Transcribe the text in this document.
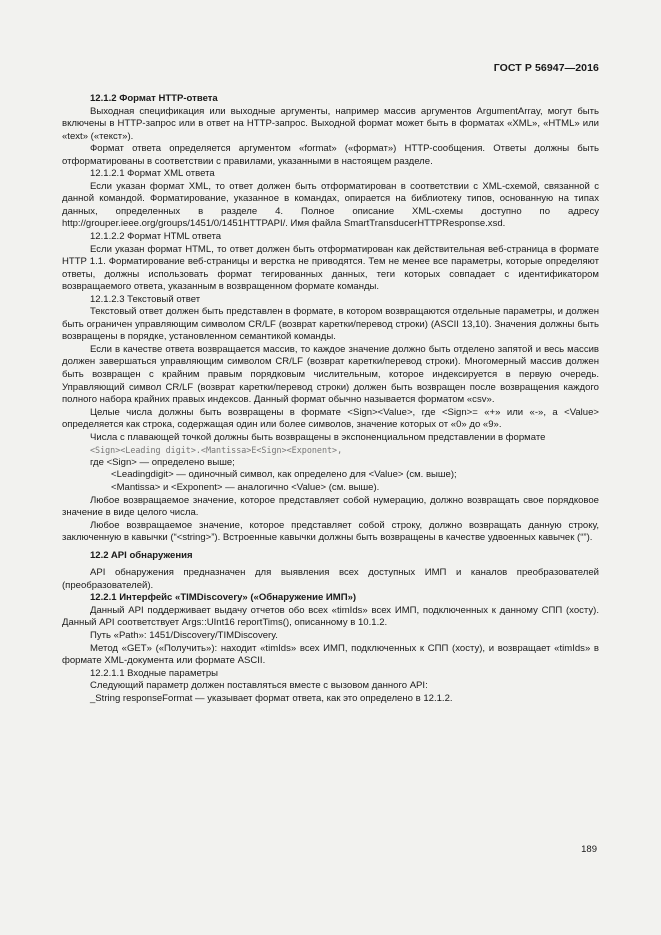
ГОСТ Р 56947—2016

12.1.2 Формат HTTP-ответа

Выходная спецификация или выходные аргументы, например массив аргументов ArgumentArray, могут быть включены в HTTP-запрос или в ответ на HTTP-запрос. Выходной формат может быть в форматах «XML», «HTML» или «text» («текст»).

Формат ответа определяется аргументом «format» («формат») HTTP-сообщения. Ответы должны быть отформатированы в соответствии с правилами, указанными в настоящем разделе.

12.1.2.1 Формат XML ответа

Если указан формат XML, то ответ должен быть отформатирован в соответствии с XML-схемой, связанной с данной командой. Форматирование, указанное в командах, опирается на библиотеку типов, основанную на типах данных, определенных в разделе 4. Полное описание XML-схемы доступно по адресу http://grouper.ieee.org/groups/1451/0/1451HTTPAPI/. Имя файла SmartTransducerHTTPResponse.xsd.

12.1.2.2 Формат HTML ответа

Если указан формат HTML, то ответ должен быть отформатирован как действительная веб-страница в формате HTTP 1.1. Форматирование веб-страницы и верстка не приводятся. Тем не менее все параметры, которые определяют ответы, должны использовать формат тегированных данных, теги которых совпадает с идентификатором возвращаемого ответа, указанным в возвращенном формате команды.

12.1.2.3 Текстовый ответ

Текстовый ответ должен быть представлен в формате, в котором возвращаются отдельные параметры, и должен быть ограничен управляющим символом CR/LF (возврат каретки/перевод строки) (ASCII 13,10). Значения должны быть возвращены в порядке, установленном семантикой команды.

Если в качестве ответа возвращается массив, то каждое значение должно быть отделено запятой и весь массив должен завершаться управляющим символом CR/LF (возврат каретки/перевод строки). Многомерный массив должен быть возвращен с крайним правым порядковым числительным, которое индексируется в первую очередь. Управляющий символ CR/LF (возврат каретки/перевод строки) должен быть возвращен после возвращения каждого полного набора крайних правых индексов. Данный формат обычно называется форматом «csv».

Целые числа должны быть возвращены в формате <Sign><Value>, где <Sign>= «+» или «-», а <Value> определяется как строка, содержащая один или более символов, значение которых от «0» до «9».

Числа с плавающей точкой должны быть возвращены в экспоненциальном представлении в формате

<Sign><Leading digit>.<Mantissa>E<Sign><Exponent>,

где <Sign> — определено выше;

<Leadingdigit> — одиночный символ, как определено для <Value> (см. выше);

<Mantissa> и <Exponent> — аналогично <Value> (см. выше).

Любое возвращаемое значение, которое представляет собой нумерацию, должно возвращать свое порядковое значение в виде целого числа.

Любое возвращаемое значение, которое представляет собой строку, должно возвращать данную строку, заключенную в кавычки (“<string>”). Встроенные кавычки должны быть возвращены в качестве удвоенных кавычек (“”).

12.2 API обнаружения

API обнаружения предназначен для выявления всех доступных ИМП и каналов преобразователей (преобразователей).

12.2.1 Интерфейс «TIMDiscovery» («Обнаружение ИМП»)

Данный API поддерживает выдачу отчетов обо всех «timIds» всех ИМП, подключенных к данному СПП (хосту). Данный API соответствует Args::UInt16 reportTims(), описанному в 10.1.2.

Путь «Path»: 1451/Discovery/TIMDiscovery.

Метод «GET» («Получить»): находит «timIds» всех ИМП, подключенных к СПП (хосту), и возвращает «timIds» в формате XML-документа или формате ASCII.

12.2.1.1 Входные параметры

Следующий параметр должен поставляться вместе с вызовом данного API:

_String responseFormat — указывает формат ответа, как это определено в 12.1.2.

189
